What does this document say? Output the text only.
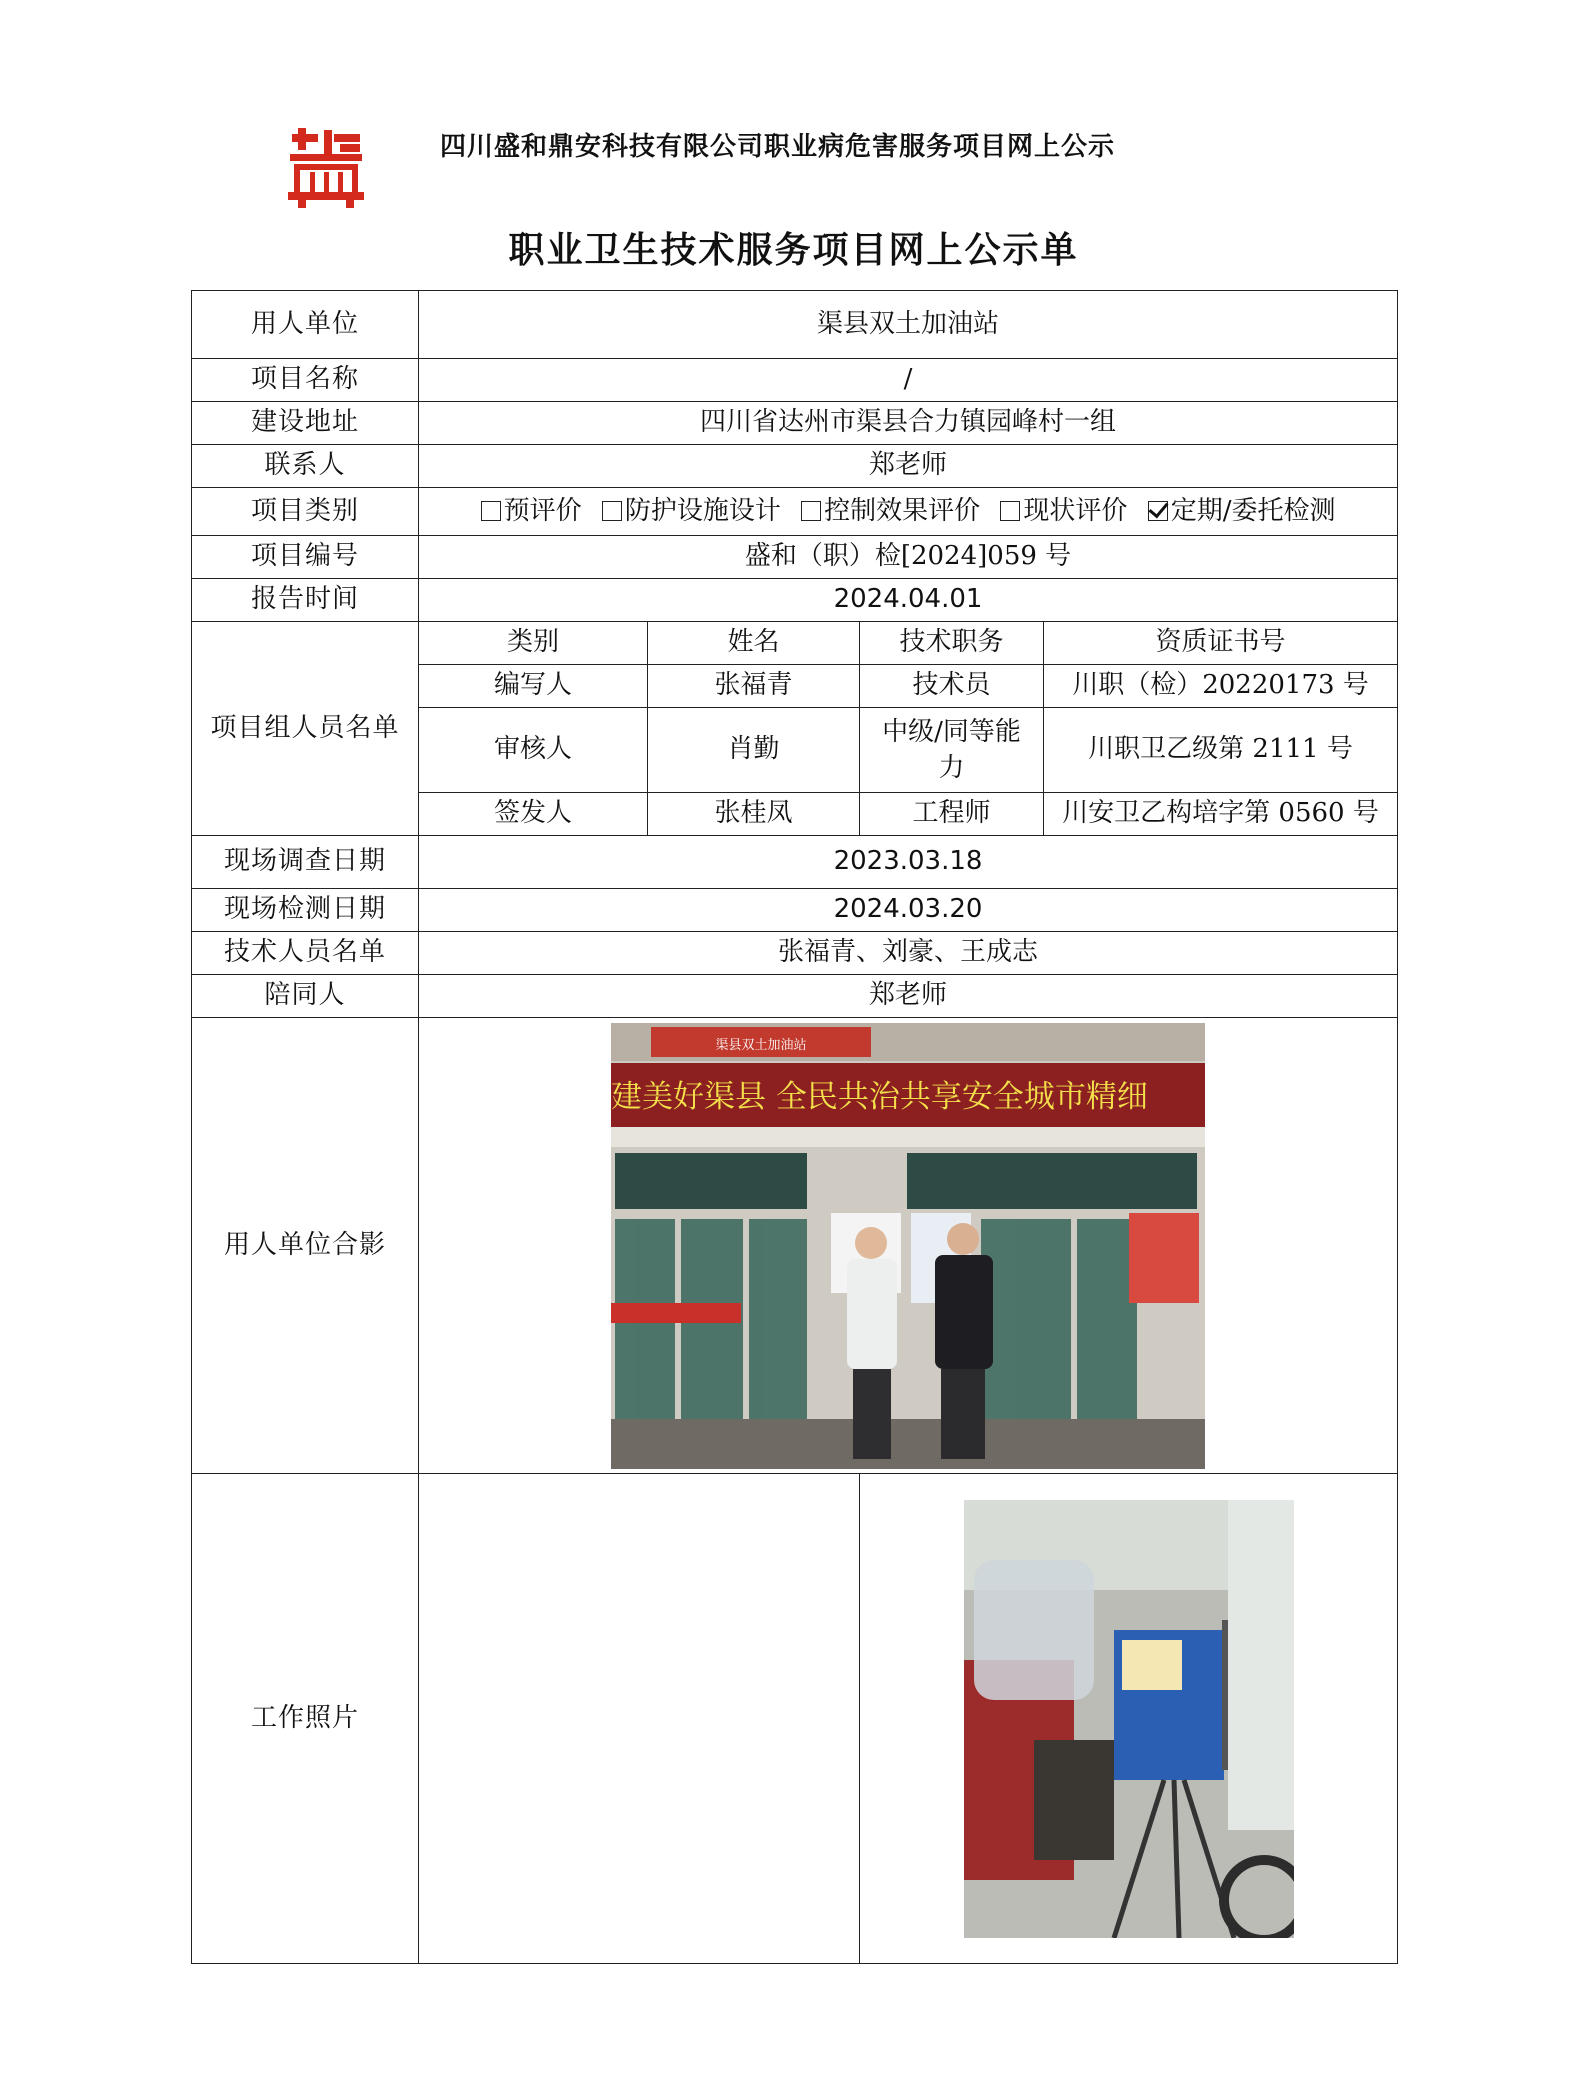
四川盛和鼎安科技有限公司职业病危害服务项目网上公示
职业卫生技术服务项目网上公示单
用人单位	渠县双土加油站			
项目名称	/			
建设地址	四川省达州市渠县合力镇园峰村一组			
联系人	郑老师			
项目类别	预评价 防护设施设计 控制效果评价 现状评价 定期/委托检测			
项目编号	盛和（职）检[2024]059 号			
报告时间	2024.04.01			
项目组人员名单	类别	姓名	技术职务	资质证书号
	编写人	张福青	技术员	川职（检）20220173 号
	审核人	肖勤	中级/同等能力	川职卫乙级第 2111 号
	签发人	张桂凤	工程师	川安卫乙构培字第 0560 号
现场调查日期	2023.03.18			
现场检测日期	2024.03.20			
技术人员名单	张福青、刘豪、王成志			
陪同人	郑老师			
用人单位合影	渠县双土加油站
建美好渠县 全民共治共享安全城市精细			

工作照片		
